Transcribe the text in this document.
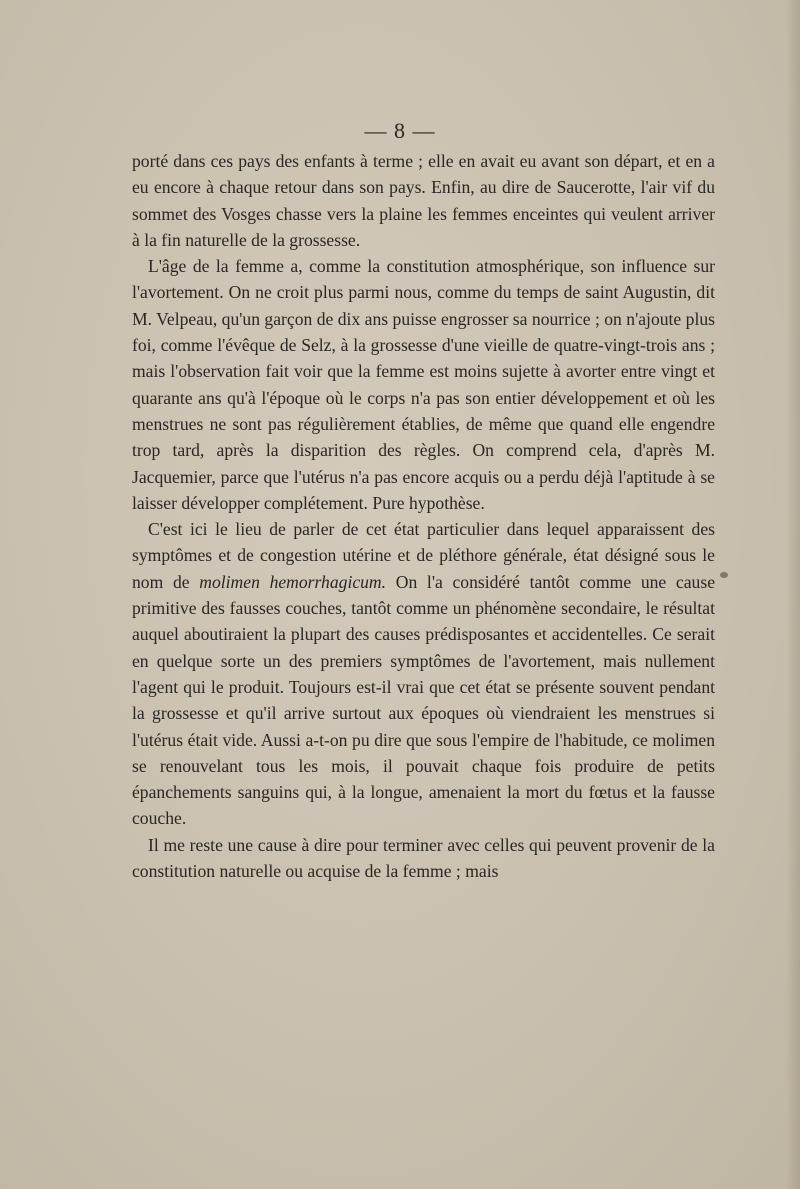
— 8 —

porté dans ces pays des enfants à terme ; elle en avait eu avant son départ, et en a eu encore à chaque retour dans son pays. Enfin, au dire de Saucerotte, l'air vif du sommet des Vosges chasse vers la plaine les femmes enceintes qui veulent arriver à la fin naturelle de la grossesse.

L'âge de la femme a, comme la constitution atmosphérique, son influence sur l'avortement. On ne croit plus parmi nous, comme du temps de saint Augustin, dit M. Velpeau, qu'un garçon de dix ans puisse engrosser sa nourrice ; on n'ajoute plus foi, comme l'évêque de Selz, à la grossesse d'une vieille de quatre-vingt-trois ans ; mais l'observation fait voir que la femme est moins sujette à avorter entre vingt et quarante ans qu'à l'époque où le corps n'a pas son entier développement et où les menstrues ne sont pas régulièrement établies, de même que quand elle engendre trop tard, après la disparition des règles. On comprend cela, d'après M. Jacquemier, parce que l'utérus n'a pas encore acquis ou a perdu déjà l'aptitude à se laisser développer complétement. Pure hypothèse.

C'est ici le lieu de parler de cet état particulier dans lequel apparaissent des symptômes et de congestion utérine et de pléthore générale, état désigné sous le nom de molimen hemorrhagicum. On l'a considéré tantôt comme une cause primitive des fausses couches, tantôt comme un phénomène secondaire, le résultat auquel aboutiraient la plupart des causes prédisposantes et accidentelles. Ce serait en quelque sorte un des premiers symptômes de l'avortement, mais nullement l'agent qui le produit. Toujours est-il vrai que cet état se présente souvent pendant la grossesse et qu'il arrive surtout aux époques où viendraient les menstrues si l'utérus était vide. Aussi a-t-on pu dire que sous l'empire de l'habitude, ce molimen se renouvelant tous les mois, il pouvait chaque fois produire de petits épanchements sanguins qui, à la longue, amenaient la mort du fœtus et la fausse couche.

Il me reste une cause à dire pour terminer avec celles qui peuvent provenir de la constitution naturelle ou acquise de la femme ; mais
